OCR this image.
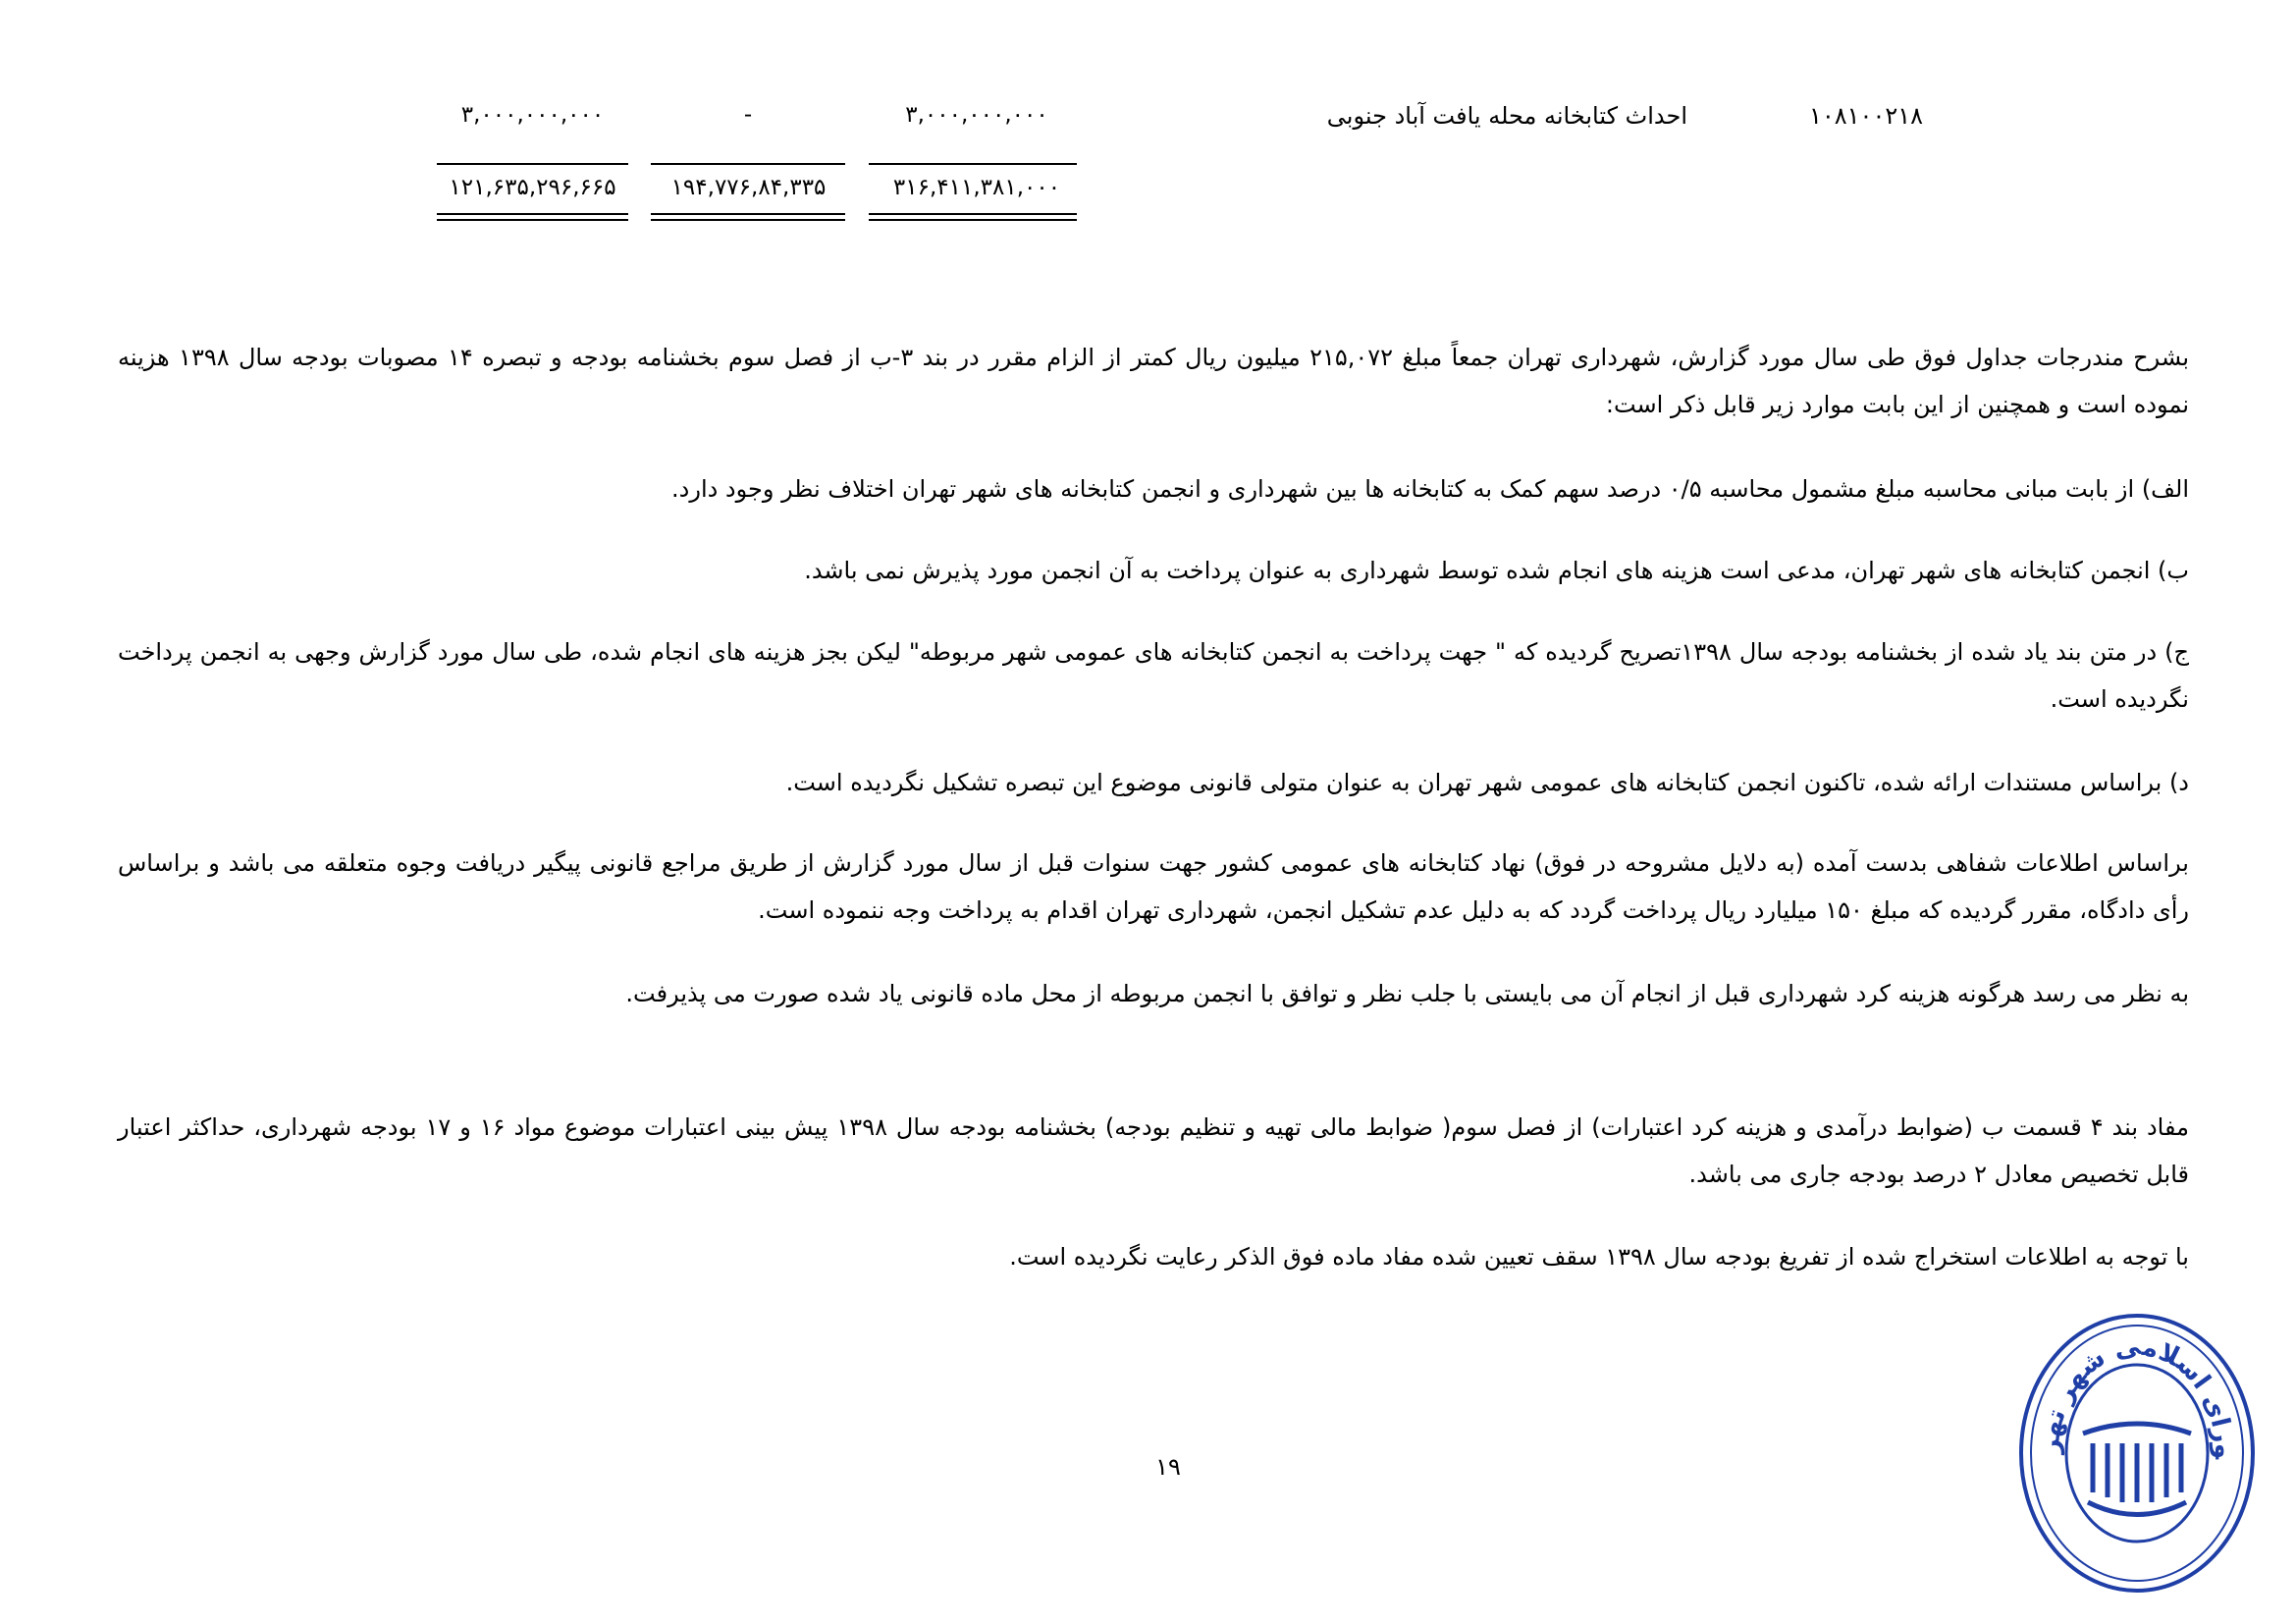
۱۰۸۱۰۰۲۱۸
احداث کتابخانه محله یافت آباد جنوبی
۳,۰۰۰,۰۰۰,۰۰۰
-
۳,۰۰۰,۰۰۰,۰۰۰
۳۱۶,۴۱۱,۳۸۱,۰۰۰
۱۹۴,۷۷۶,۸۴,۳۳۵
۱۲۱,۶۳۵,۲۹۶,۶۶۵

بشرح مندرجات جداول فوق طی سال مورد گزارش، شهرداری تهران جمعاً مبلغ ۲۱۵,۰۷۲ میلیون ریال کمتر از الزام مقرر در بند ۳-ب از فصل سوم بخشنامه بودجه و تبصره ۱۴ مصوبات بودجه سال ۱۳۹۸ هزینه نموده است و همچنین از این بابت موارد زیر قابل ذکر است:

الف) از بابت مبانی محاسبه مبلغ مشمول محاسبه ۰/۵ درصد سهم کمک به کتابخانه ها بین شهرداری و انجمن کتابخانه های شهر تهران اختلاف نظر وجود دارد.

ب) انجمن کتابخانه های شهر تهران، مدعی است هزینه های انجام شده توسط شهرداری به عنوان پرداخت به آن انجمن مورد پذیرش نمی باشد.

ج) در متن بند یاد شده از بخشنامه بودجه سال ۱۳۹۸تصریح گردیده که " جهت پرداخت به انجمن کتابخانه های عمومی شهر مربوطه" لیکن بجز هزینه های انجام شده، طی سال مورد گزارش وجهی به انجمن پرداخت نگردیده است.

د) براساس مستندات ارائه شده، تاکنون انجمن کتابخانه های عمومی شهر تهران به عنوان متولی قانونی موضوع این تبصره تشکیل نگردیده است.

براساس اطلاعات شفاهی بدست آمده (به دلایل مشروحه در فوق) نهاد کتابخانه های عمومی کشور جهت سنوات قبل از سال مورد گزارش از طریق مراجع قانونی پیگیر دریافت وجوه متعلقه می باشد و براساس رأی دادگاه، مقرر گردیده که مبلغ ۱۵۰ میلیارد ریال پرداخت گردد که به دلیل عدم تشکیل انجمن، شهرداری تهران اقدام به پرداخت وجه ننموده است.

به نظر می رسد هرگونه هزینه کرد شهرداری قبل از انجام آن می بایستی با جلب نظر و توافق با انجمن مربوطه از محل ماده قانونی یاد شده صورت می پذیرفت.

مفاد بند ۴ قسمت ب (ضوابط درآمدی و هزینه کرد اعتبارات) از فصل سوم( ضوابط مالی تهیه و تنظیم بودجه) بخشنامه بودجه سال ۱۳۹۸ پیش بینی اعتبارات موضوع مواد ۱۶ و ۱۷ بودجه شهرداری، حداکثر اعتبار قابل تخصیص معادل ۲ درصد بودجه جاری می باشد.

با توجه به اطلاعات استخراج شده از تفریغ بودجه سال ۱۳۹۸ سقف تعیین شده مفاد ماده فوق الذکر رعایت نگردیده است.

۱۹
ورای اسلامی شهر تهر
